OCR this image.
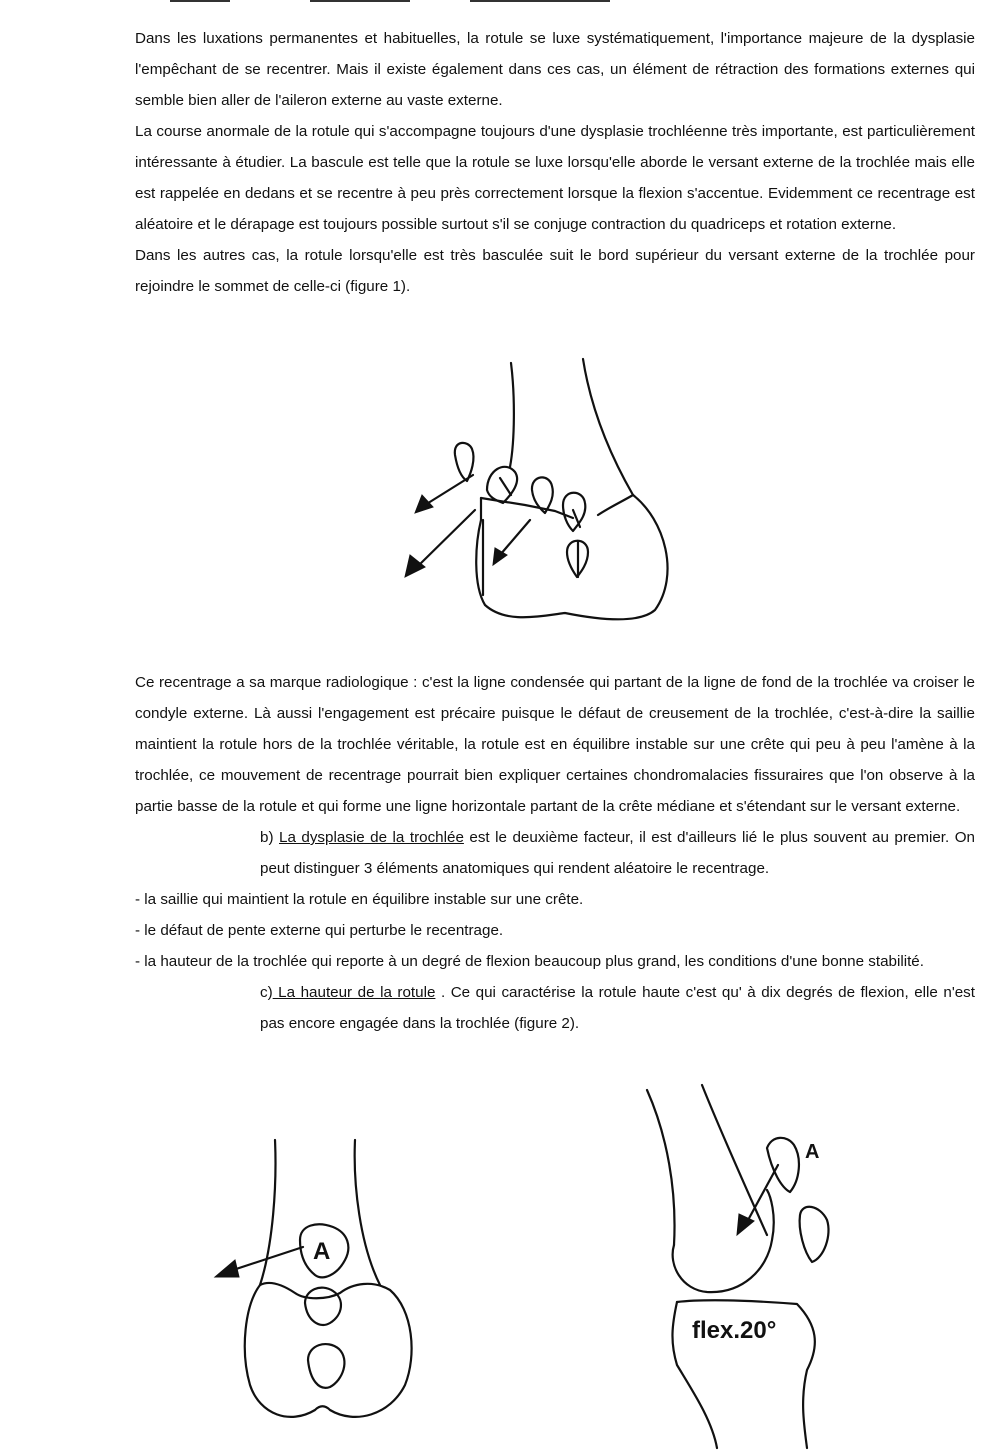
Dans les luxations permanentes et habituelles, la rotule se luxe systématiquement, l'importance majeure de la dysplasie l'empêchant de se recentrer. Mais il existe également dans ces cas, un élément de rétraction des formations externes qui semble bien aller de l'aileron externe au vaste externe.

La course anormale de la rotule qui s'accompagne toujours d'une dysplasie trochléenne très importante, est particulièrement intéressante à étudier. La bascule est telle que la rotule se luxe lorsqu'elle aborde le versant externe de la trochlée mais elle est rappelée en dedans et se recentre à peu près correctement lorsque la flexion s'accentue. Evidemment ce recentrage est aléatoire et le dérapage est toujours possible surtout s'il se conjuge contraction du quadriceps et rotation externe.

Dans les autres cas, la rotule lorsqu'elle est très basculée suit le bord supérieur du versant externe de la trochlée pour rejoindre le sommet de celle-ci (figure 1).

Ce recentrage a sa marque radiologique : c'est la ligne condensée qui partant de la ligne de fond de la trochlée va croiser le condyle externe. Là aussi l'engagement est précaire puisque le défaut de creusement de la trochlée, c'est-à-dire la saillie maintient la rotule hors de la trochlée véritable, la rotule est en équilibre instable sur une crête qui peu à peu l'amène à la trochlée, ce mouvement de recentrage pourrait bien expliquer certaines chondromalacies fissuraires que l'on observe à la partie basse de la rotule et qui forme une ligne horizontale partant de la crête médiane et s'étendant sur le versant externe.

b) La dysplasie de la trochlée est le deuxième facteur, il est d'ailleurs lié le plus souvent au premier. On peut distinguer 3 éléments anatomiques qui rendent aléatoire le recentrage.

- la saillie qui maintient la rotule en équilibre instable sur une crête.

- le défaut de pente externe qui perturbe le recentrage.

- la hauteur de la trochlée qui reporte à un degré de flexion beaucoup plus grand, les conditions d'une bonne stabilité.

c) La hauteur de la rotule . Ce qui caractérise la rotule haute c'est qu' à dix degrés de flexion, elle n'est pas encore engagée dans la trochlée (figure 2).

A
A
flex.20°
